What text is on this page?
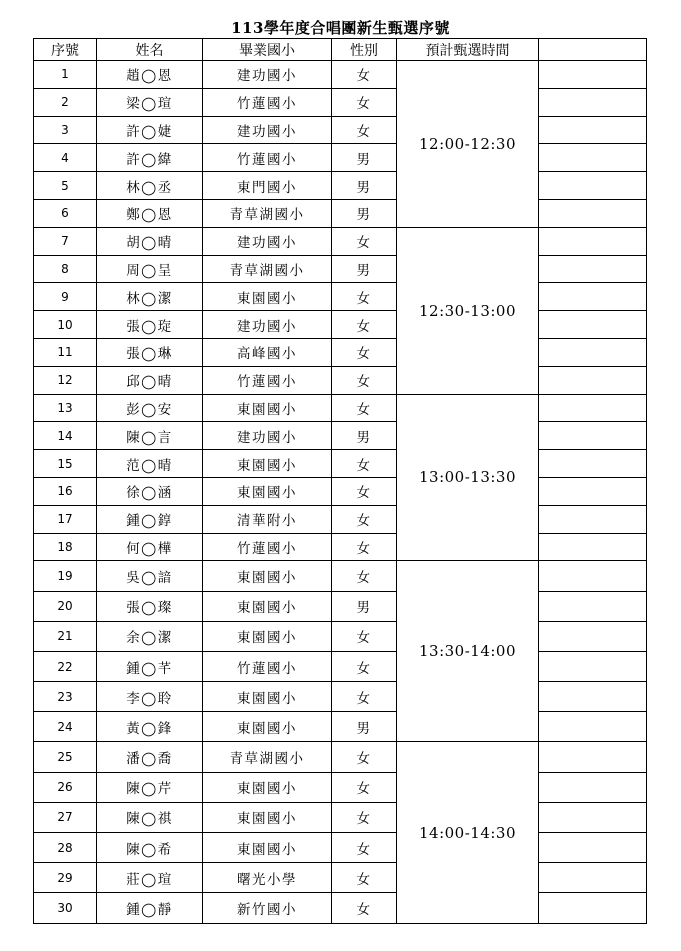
113學年度合唱團新生甄選序號
序號	姓名	畢業國小	性別	預計甄選時間	
1	趙◯恩	建功國小	女	12:00-12:30	
2	梁◯瑄	竹蓮國小	女		
3	許◯婕	建功國小	女		
4	許◯緯	竹蓮國小	男		
5	林◯丞	東門國小	男		
6	鄭◯恩	青草湖國小	男		
7	胡◯晴	建功國小	女	12:30-13:00	
8	周◯呈	青草湖國小	男		
9	林◯潔	東園國小	女		
10	張◯琁	建功國小	女		
11	張◯琳	高峰國小	女		
12	邱◯晴	竹蓮國小	女		
13	彭◯安	東園國小	女	13:00-13:30	
14	陳◯言	建功國小	男		
15	范◯晴	東園國小	女		
16	徐◯涵	東園國小	女		
17	鍾◯錞	清華附小	女		
18	何◯樺	竹蓮國小	女		
19	吳◯諳	東園國小	女	13:30-14:00	
20	張◯璨	東園國小	男		
21	余◯潔	東園國小	女		
22	鍾◯芊	竹蓮國小	女		
23	李◯聆	東園國小	女		
24	黃◯鋒	東園國小	男		
25	潘◯喬	青草湖國小	女	14:00-14:30	
26	陳◯芹	東園國小	女		
27	陳◯祺	東園國小	女		
28	陳◯希	東園國小	女		
29	莊◯瑄	曙光小學	女		
30	鍾◯靜	新竹國小	女		
